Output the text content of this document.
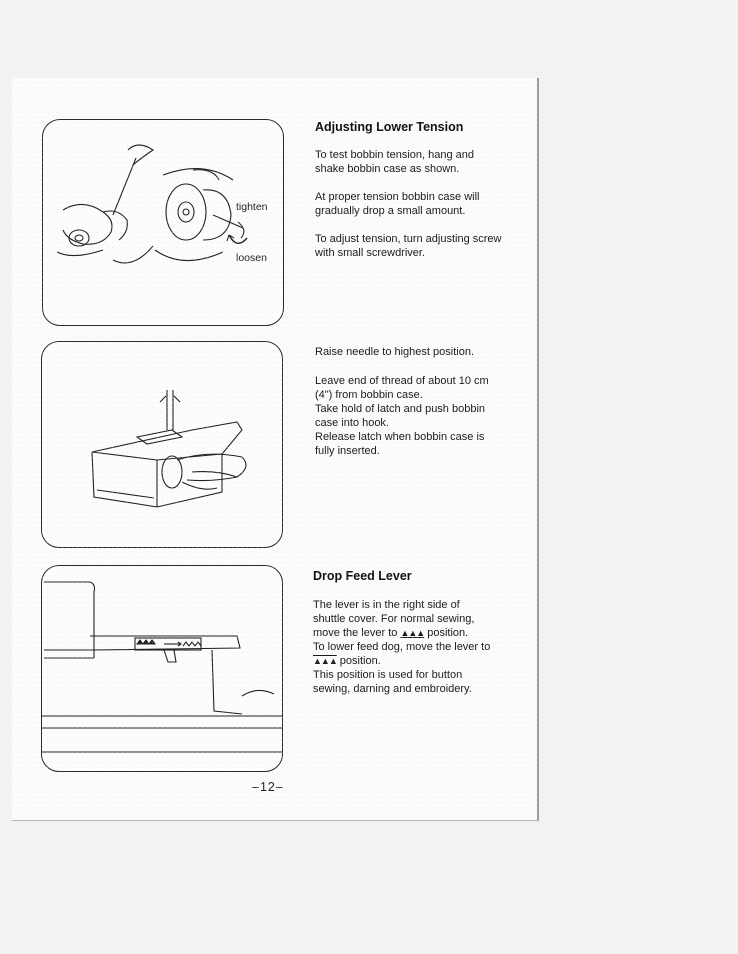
tighten
loosen
Adjusting Lower Tension

To test bobbin tension, hang and shake bobbin case as shown.

At proper tension bobbin case will gradually drop a small amount.

To adjust tension, turn adjusting screw with small screwdriver.

Raise needle to highest position.

Leave end of thread of about 10 cm (4") from bobbin case.

Take hold of latch and push bobbin case into hook.

Release latch when bobbin case is fully inserted.

Drop Feed Lever

The lever is in the right side of shuttle cover. For normal sewing, move the lever to ▲▲▲ position.

To lower feed dog, move the lever to ▲▲▲ position.

This position is used for button sewing, darning and embroidery.

–12–
